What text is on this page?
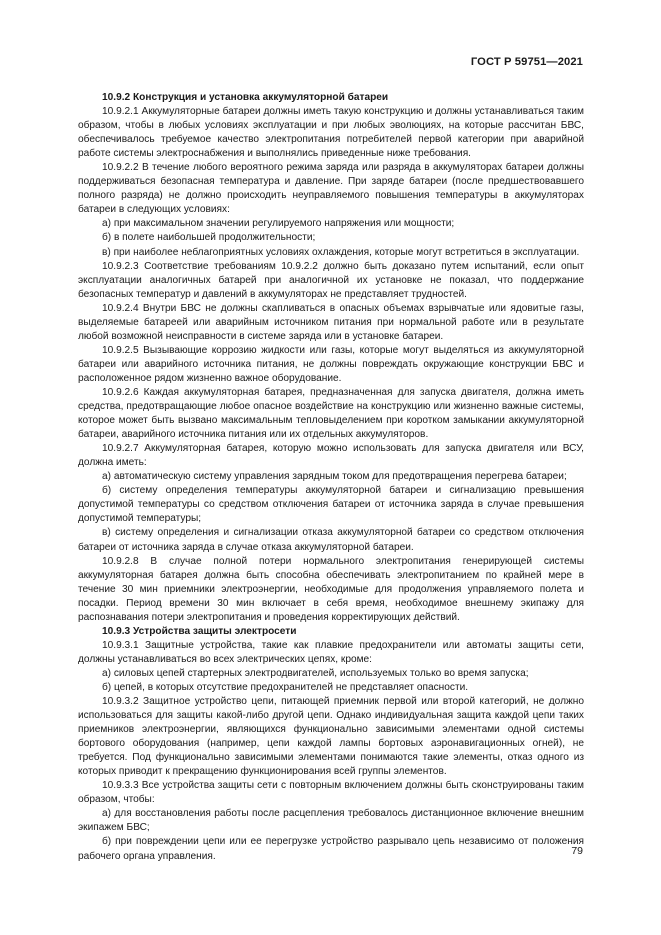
ГОСТ Р 59751—2021

10.9.2 Конструкция и установка аккумуляторной батареи

10.9.2.1 Аккумуляторные батареи должны иметь такую конструкцию и должны устанавливаться таким образом, чтобы в любых условиях эксплуатации и при любых эволюциях, на которые рассчитан БВС, обеспечивалось требуемое качество электропитания потребителей первой категории при аварийной работе системы электроснабжения и выполнялись приведенные ниже требования.

10.9.2.2 В течение любого вероятного режима заряда или разряда в аккумуляторах батареи должны поддерживаться безопасная температура и давление. При заряде батареи (после предшествовавшего полного разряда) не должно происходить неуправляемого повышения температуры в аккумуляторах батареи в следующих условиях:

а) при максимальном значении регулируемого напряжения или мощности;

б) в полете наибольшей продолжительности;

в) при наиболее неблагоприятных условиях охлаждения, которые могут встретиться в эксплуатации.

10.9.2.3 Соответствие требованиям 10.9.2.2 должно быть доказано путем испытаний, если опыт эксплуатации аналогичных батарей при аналогичной их установке не показал, что поддержание безопасных температур и давлений в аккумуляторах не представляет трудностей.

10.9.2.4 Внутри БВС не должны скапливаться в опасных объемах взрывчатые или ядовитые газы, выделяемые батареей или аварийным источником питания при нормальной работе или в результате любой возможной неисправности в системе заряда или в установке батареи.

10.9.2.5 Вызывающие коррозию жидкости или газы, которые могут выделяться из аккумуляторной батареи или аварийного источника питания, не должны повреждать окружающие конструкции БВС и расположенное рядом жизненно важное оборудование.

10.9.2.6 Каждая аккумуляторная батарея, предназначенная для запуска двигателя, должна иметь средства, предотвращающие любое опасное воздействие на конструкцию или жизненно важные системы, которое может быть вызвано максимальным тепловыделением при коротком замыкании аккумуляторной батареи, аварийного источника питания или их отдельных аккумуляторов.

10.9.2.7 Аккумуляторная батарея, которую можно использовать для запуска двигателя или ВСУ, должна иметь:

а) автоматическую систему управления зарядным током для предотвращения перегрева батареи;

б) систему определения температуры аккумуляторной батареи и сигнализацию превышения допустимой температуры со средством отключения батареи от источника заряда в случае превышения допустимой температуры;

в) систему определения и сигнализации отказа аккумуляторной батареи со средством отключения батареи от источника заряда в случае отказа аккумуляторной батареи.

10.9.2.8 В случае полной потери нормального электропитания генерирующей системы аккумуляторная батарея должна быть способна обеспечивать электропитанием по крайней мере в течение 30 мин приемники электроэнергии, необходимые для продолжения управляемого полета и посадки. Период времени 30 мин включает в себя время, необходимое внешнему экипажу для распознавания потери электропитания и проведения корректирующих действий.

10.9.3 Устройства защиты электросети

10.9.3.1 Защитные устройства, такие как плавкие предохранители или автоматы защиты сети, должны устанавливаться во всех электрических цепях, кроме:

а) силовых цепей стартерных электродвигателей, используемых только во время запуска;

б) цепей, в которых отсутствие предохранителей не представляет опасности.

10.9.3.2 Защитное устройство цепи, питающей приемник первой или второй категорий, не должно использоваться для защиты какой-либо другой цепи. Однако индивидуальная защита каждой цепи таких приемников электроэнергии, являющихся функционально зависимыми элементами одной системы бортового оборудования (например, цепи каждой лампы бортовых аэронавигационных огней), не требуется. Под функционально зависимыми элементами понимаются такие элементы, отказ одного из которых приводит к прекращению функционирования всей группы элементов.

10.9.3.3 Все устройства защиты сети с повторным включением должны быть сконструированы таким образом, чтобы:

а) для восстановления работы после расцепления требовалось дистанционное включение внешним экипажем БВС;

б) при повреждении цепи или ее перегрузке устройство разрывало цепь независимо от положения рабочего органа управления.	79
